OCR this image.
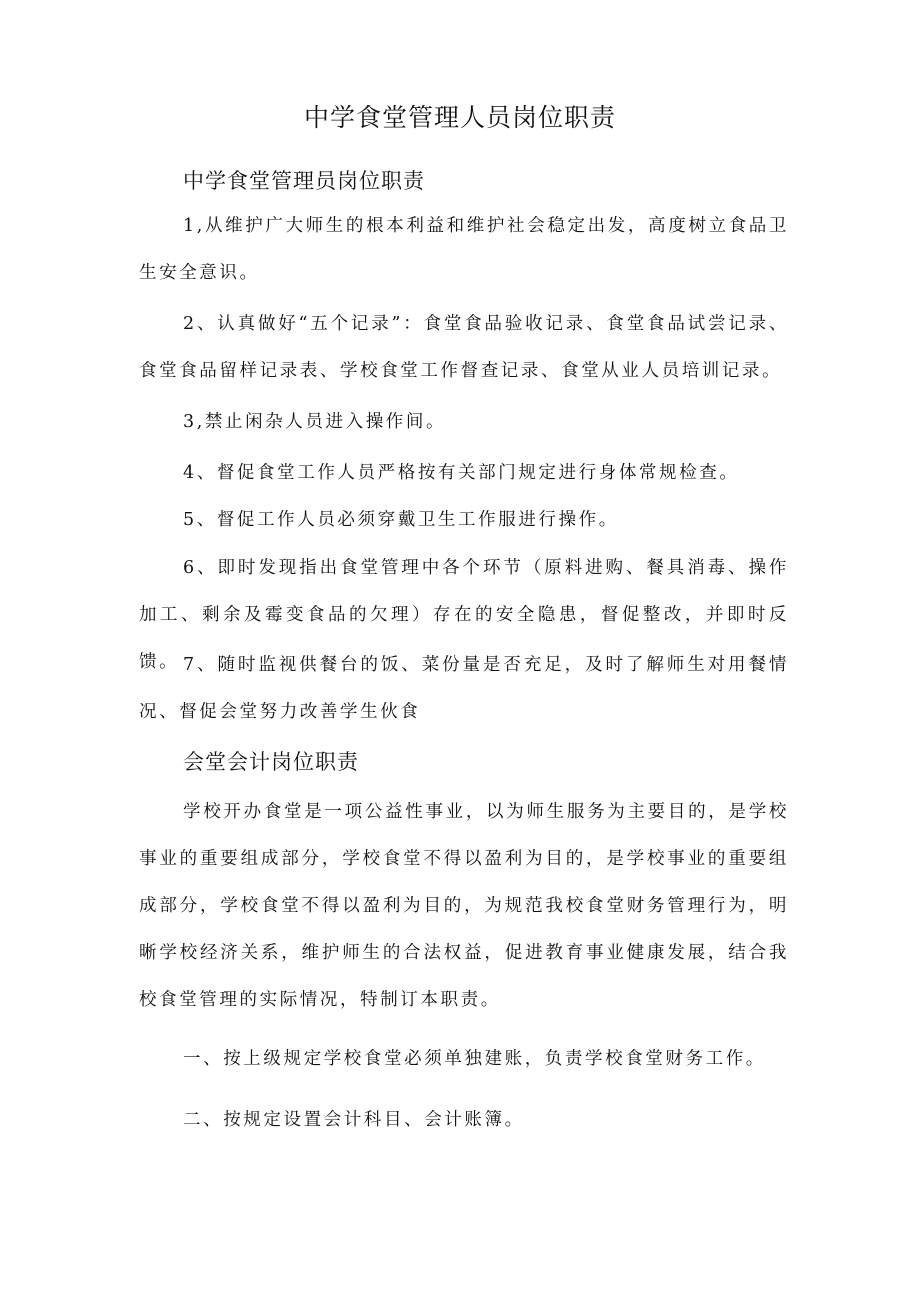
中学食堂管理人员岗位职责
中学食堂管理员岗位职责

1,从维护广大师生的根本利益和维护社会稳定出发，高度树立食品卫生安全意识。

2、认真做好“五个记录”：食堂食品验收记录、食堂食品试尝记录、食堂食品留样记录表、学校食堂工作督查记录、食堂从业人员培训记录。

3,禁止闲杂人员进入操作间。

4、督促食堂工作人员严格按有关部门规定进行身体常规检查。

5、督促工作人员必须穿戴卫生工作服进行操作。

6、即时发现指出食堂管理中各个环节（原料进购、餐具消毒、操作加工、剩余及霉变食品的欠理）存在的安全隐患，督促整改，并即时反馈。 7、随时监视供餐台的饭、菜份量是否充足，及时了解师生对用餐情况、督促会堂努力改善学生伙食

会堂会计岗位职责

学校开办食堂是一项公益性事业，以为师生服务为主要目的，是学校事业的重要组成部分，学校食堂不得以盈利为目的，是学校事业的重要组成部分，学校食堂不得以盈利为目的，为规范我校食堂财务管理行为，明晰学校经济关系，维护师生的合法权益，促进教育事业健康发展，结合我校食堂管理的实际情况，特制订本职责。

一、按上级规定学校食堂必须单独建账，负责学校食堂财务工作。

二、按规定设置会计科目、会计账簿。
